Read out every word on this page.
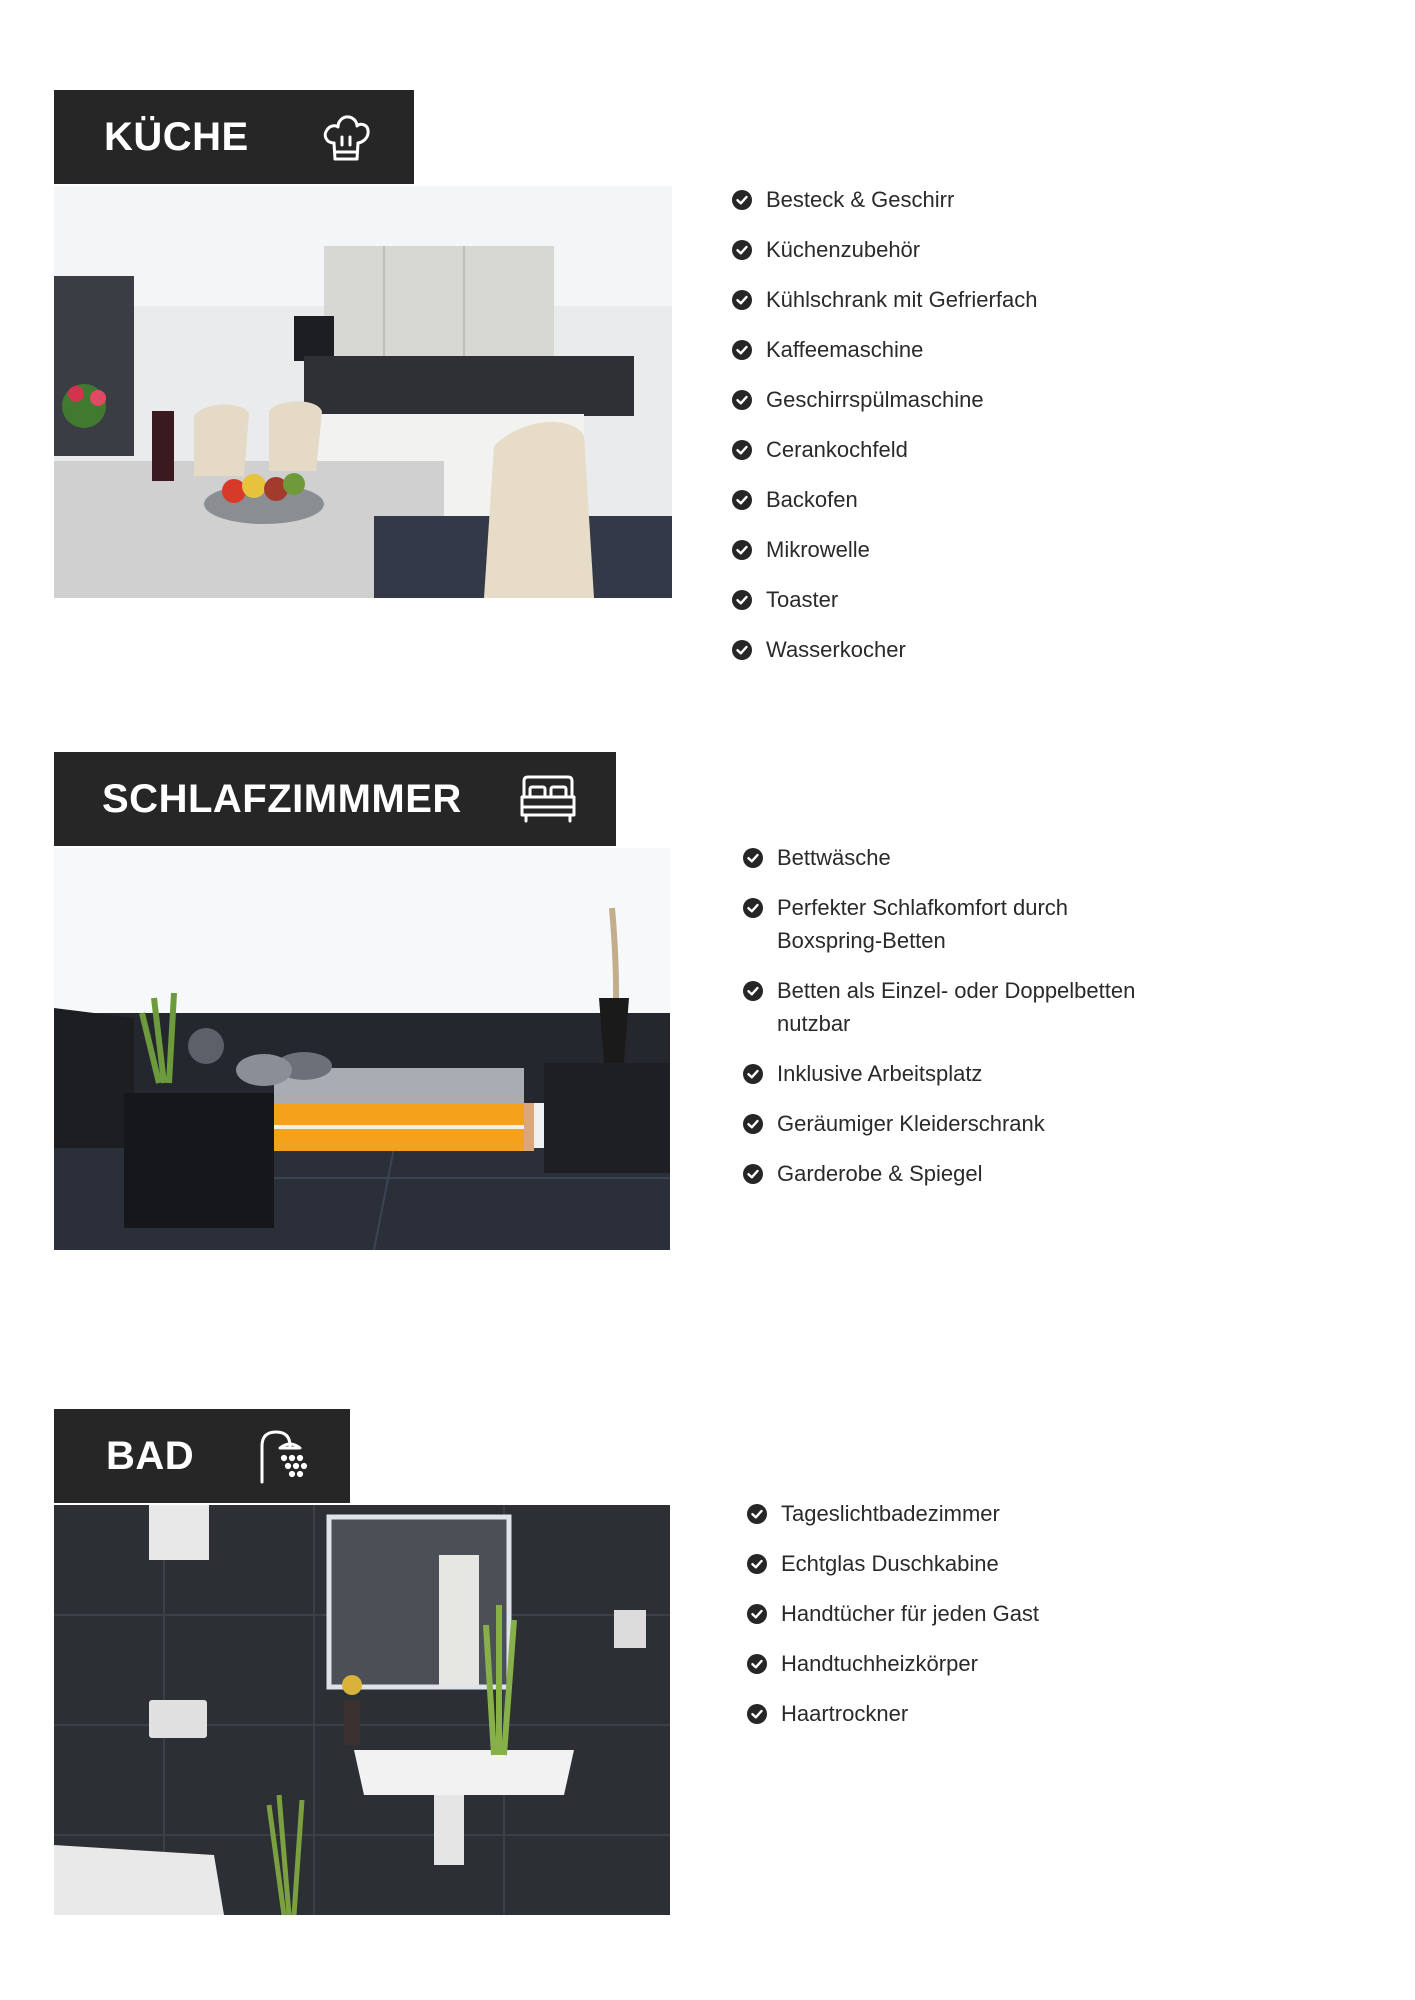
KÜCHE
Besteck & Geschirr
Küchenzubehör
Kühlschrank mit Gefrierfach
Kaffeemaschine
Geschirrspülmaschine
Cerankochfeld
Backofen
Mikrowelle
Toaster
Wasserkocher
SCHLAFZIMMMER
Bettwäsche
Perfekter Schlafkomfort durch Boxspring-Betten
Betten als Einzel- oder Doppelbetten nutzbar
Inklusive Arbeitsplatz
Geräumiger Kleiderschrank
Garderobe & Spiegel
BAD
Tageslichtbadezimmer
Echtglas Duschkabine
Handtücher für jeden Gast
Handtuchheizkörper
Haartrockner
